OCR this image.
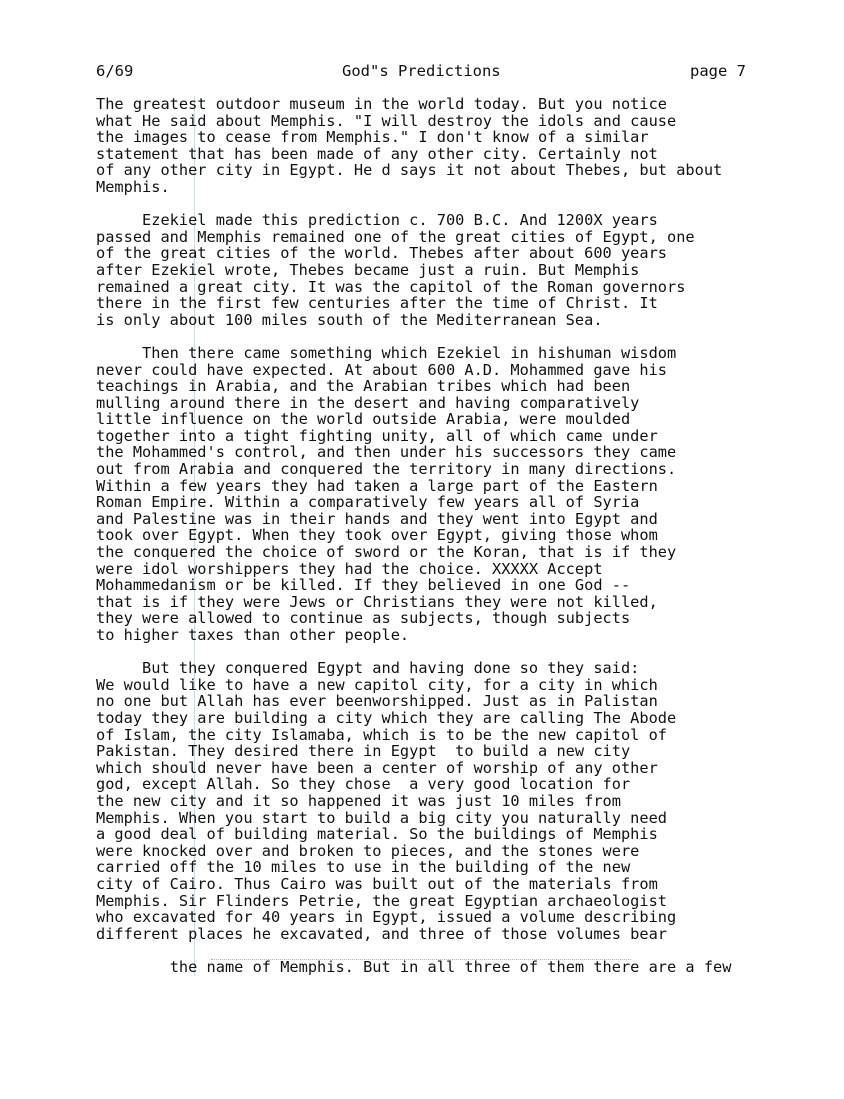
6/69	God"s Predictions	page 7
The greatest outdoor museum in the world today. But you notice
what He said about Memphis. "I will destroy the idols and cause
the images to cease from Memphis." I don't know of a similar
statement that has been made of any other city. Certainly not
of any other city in Egypt. He d says it not about Thebes, but about
Memphis.
Ezekiel made this prediction c. 700 B.C. And 1200X years
passed and Memphis remained one of the great cities of Egypt, one
of the great cities of the world. Thebes after about 600 years
after Ezekiel wrote, Thebes became just a ruin. But Memphis
remained a great city. It was the capitol of the Roman governors
there in the first few centuries after the time of Christ. It
is only about 100 miles south of the Mediterranean Sea.
Then there came something which Ezekiel in hishuman wisdom
never could have expected. At about 600 A.D. Mohammed gave his
teachings in Arabia, and the Arabian tribes which had been
mulling around there in the desert and having comparatively
little influence on the world outside Arabia, were moulded
together into a tight fighting unity, all of which came under
the Mohammed's control, and then under his successors they came
out from Arabia and conquered the territory in many directions.
Within a few years they had taken a large part of the Eastern
Roman Empire. Within a comparatively few years all of Syria
and Palestine was in their hands and they went into Egypt and
took over Egypt. When they took over Egypt, giving those whom
the conquered the choice of sword or the Koran, that is if they
were idol worshippers they had the choice. XXXXX Accept
Mohammedanism or be killed. If they believed in one God --
that is if they were Jews or Christians they were not killed,
they were allowed to continue as subjects, though subjects
to higher taxes than other people.
But they conquered Egypt and having done so they said:
We would like to have a new capitol city, for a city in which
no one but Allah has ever beenworshipped. Just as in Palistan
today they are building a city which they are calling The Abode
of Islam, the city Islamaba, which is to be the new capitol of
Pakistan. They desired there in Egypt  to build a new city
which should never have been a center of worship of any other
god, except Allah. So they chose  a very good location for
the new city and it so happened it was just 10 miles from
Memphis. When you start to build a big city you naturally need
a good deal of building material. So the buildings of Memphis
were knocked over and broken to pieces, and the stones were
carried off the 10 miles to use in the building of the new
city of Cairo. Thus Cairo was built out of the materials from
Memphis. Sir Flinders Petrie, the great Egyptian archaeologist
who excavated for 40 years in Egypt, issued a volume describing
different places he excavated, and three of those volumes bear

the name of Memphis. But in all three of them there are a few
